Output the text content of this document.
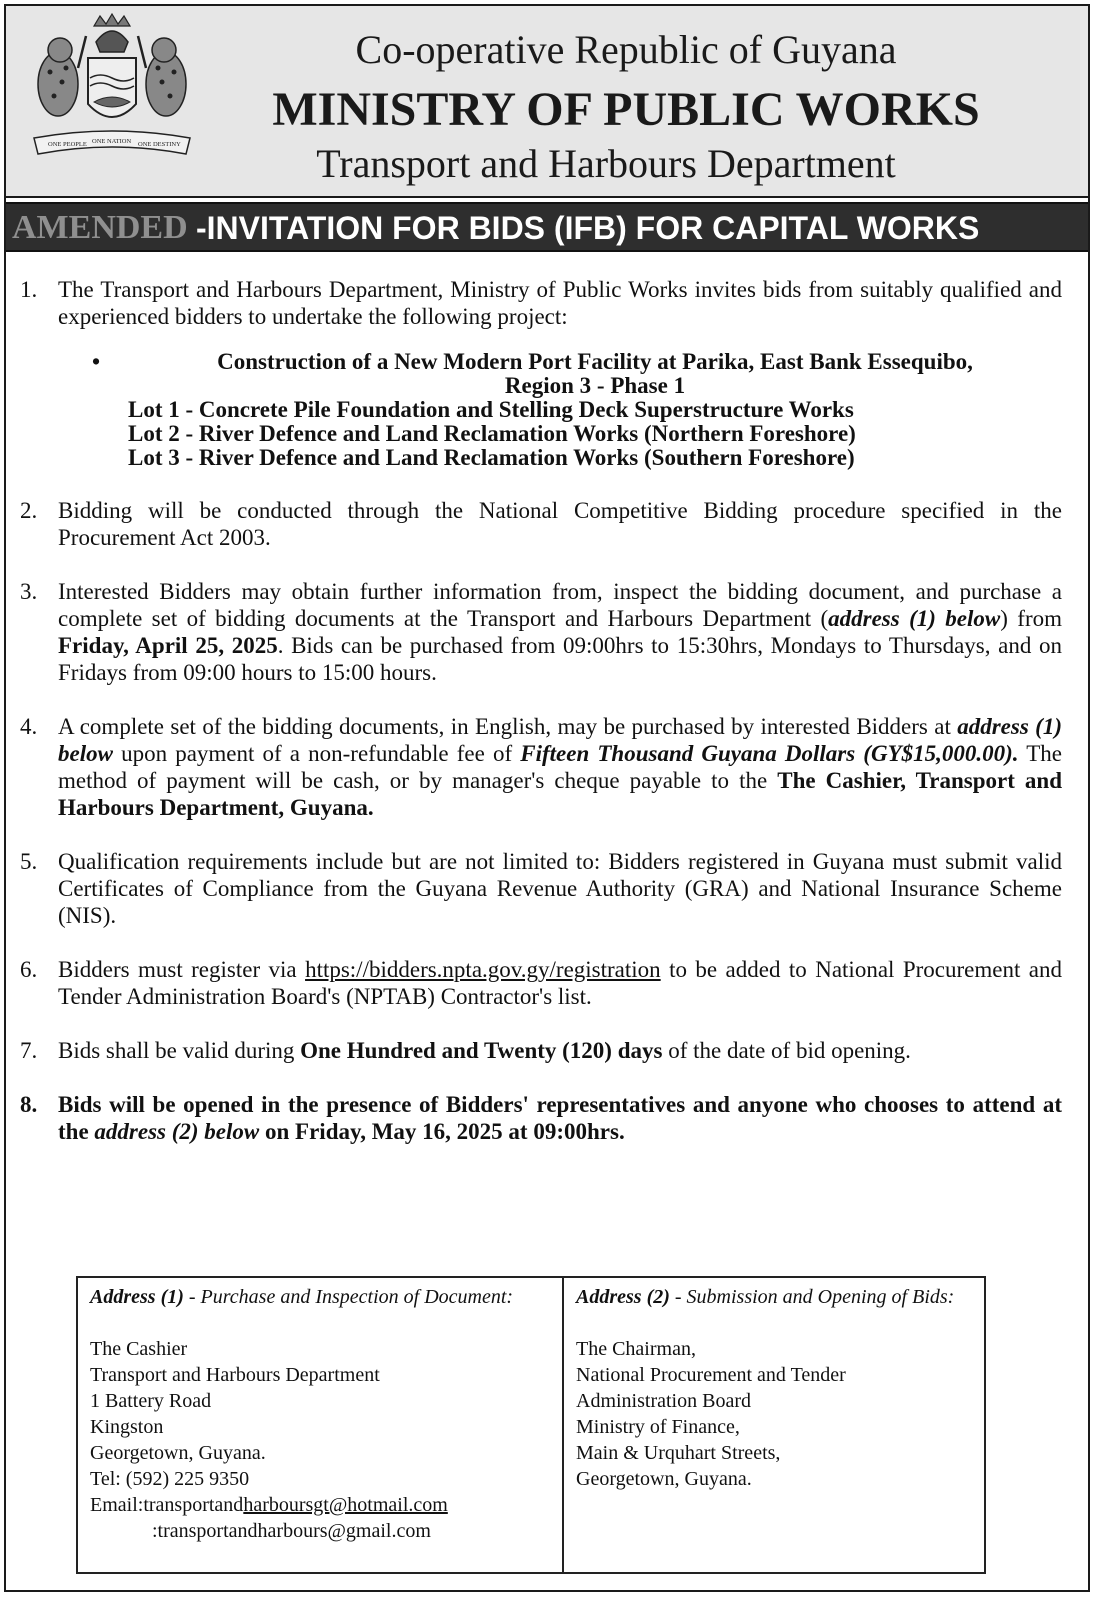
ONE PEOPLE ONE NATION ONE DESTINY
Co-operative Republic of Guyana
MINISTRY OF PUBLIC WORKS
Transport and Harbours Department
AMENDED -INVITATION FOR BIDS (IFB) FOR CAPITAL WORKS
1. The Transport and Harbours Department, Ministry of Public Works invites bids from suitably qualified and experienced bidders to undertake the following project:
•	Construction of a New Modern Port Facility at Parika, East Bank Essequibo,
Region 3 - Phase 1
Lot 1 - Concrete Pile Foundation and Stelling Deck Superstructure Works
Lot 2 - River Defence and Land Reclamation Works (Northern Foreshore)
Lot 3 - River Defence and Land Reclamation Works (Southern Foreshore)
2. Bidding will be conducted through the National Competitive Bidding procedure specified in the Procurement Act 2003.
3. Interested Bidders may obtain further information from, inspect the bidding document, and purchase a complete set of bidding documents at the Transport and Harbours Department (address (1) below) from Friday, April 25, 2025. Bids can be purchased from 09:00hrs to 15:30hrs, Mondays to Thursdays, and on Fridays from 09:00 hours to 15:00 hours.
4. A complete set of the bidding documents, in English, may be purchased by interested Bidders at address (1) below upon payment of a non-refundable fee of Fifteen Thousand Guyana Dollars (GY$15,000.00). The method of payment will be cash, or by manager's cheque payable to the The Cashier, Transport and Harbours Department, Guyana.
5. Qualification requirements include but are not limited to: Bidders registered in Guyana must submit valid Certificates of Compliance from the Guyana Revenue Authority (GRA) and National Insurance Scheme (NIS).
6. Bidders must register via https://bidders.npta.gov.gy/registration to be added to National Procurement and Tender Administration Board's (NPTAB) Contractor's list.
7. Bids shall be valid during One Hundred and Twenty (120) days of the date of bid opening.
8. Bids will be opened in the presence of Bidders' representatives and anyone who chooses to attend at the address (2) below on Friday, May 16, 2025 at 09:00hrs.
Address (1) - Purchase and Inspection of Document:
The Cashier
Transport and Harbours Department
1 Battery Road
Kingston
Georgetown, Guyana.
Tel: (592) 225 9350
Email:transportandharboursgt@hotmail.com
:transportandharbours@gmail.com
Address (2) - Submission and Opening of Bids:
The Chairman,
National Procurement and Tender
Administration Board
Ministry of Finance,
Main & Urquhart Streets,
Georgetown, Guyana.
